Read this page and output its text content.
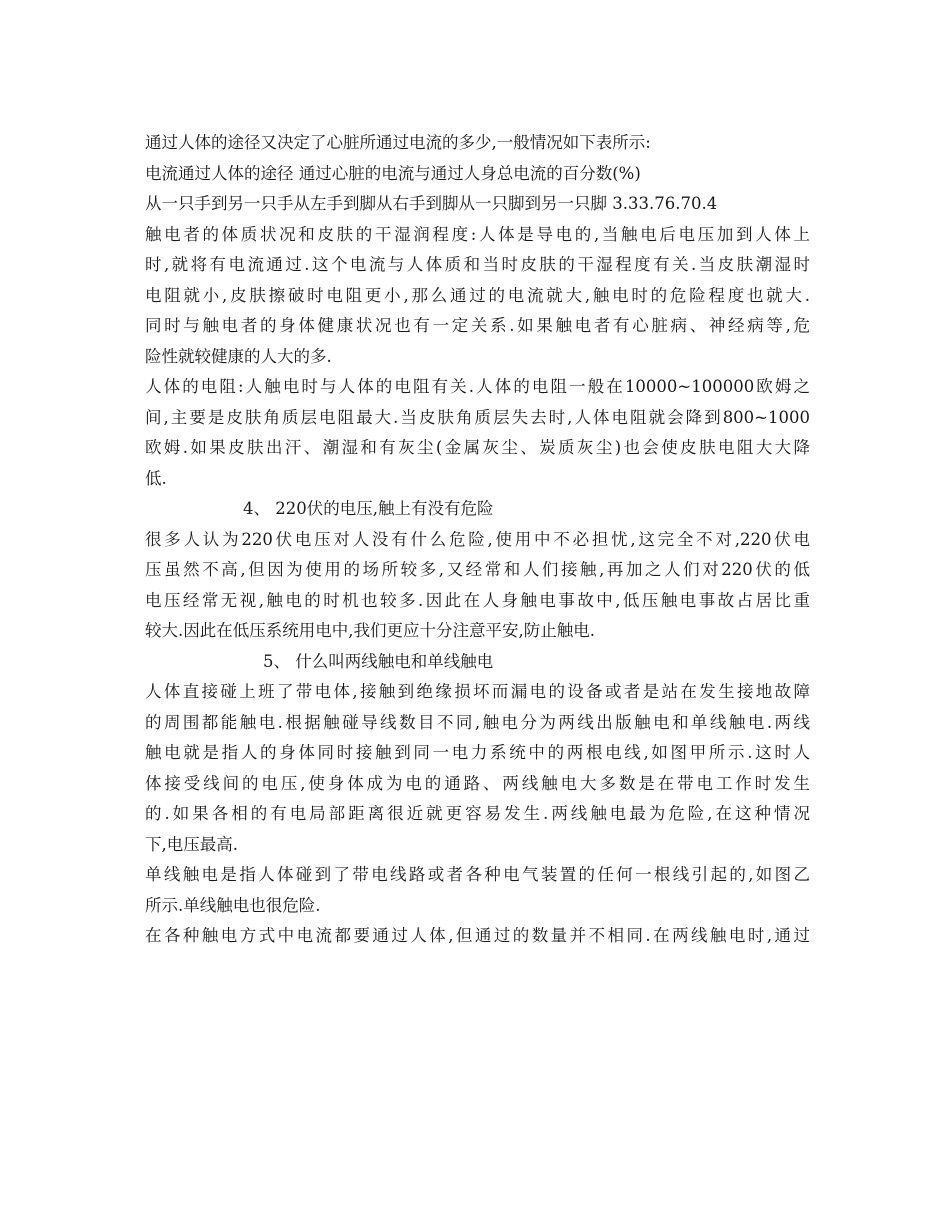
通过人体的途径又决定了心脏所通过电流的多少,一般情况如下表所示:
电流通过人体的途径 通过心脏的电流与通过人身总电流的百分数(%)
从一只手到另一只手从左手到脚从右手到脚从一只脚到另一只脚 3.33.76.70.4
触电者的体质状况和皮肤的干湿润程度:人体是导电的,当触电后电压加到人体上
时,就将有电流通过.这个电流与人体质和当时皮肤的干湿程度有关.当皮肤潮湿时
电阻就小,皮肤擦破时电阻更小,那么通过的电流就大,触电时的危险程度也就大.
同时与触电者的身体健康状况也有一定关系.如果触电者有心脏病、神经病等,危
险性就较健康的人大的多.
人体的电阻:人触电时与人体的电阻有关.人体的电阻一般在10000~100000欧姆之
间,主要是皮肤角质层电阻最大.当皮肤角质层失去时,人体电阻就会降到800~1000
欧姆.如果皮肤出汗、潮湿和有灰尘(金属灰尘、炭质灰尘)也会使皮肤电阻大大降
低.
4、 220伏的电压,触上有没有危险
很多人认为220伏电压对人没有什么危险,使用中不必担忧,这完全不对,220伏电
压虽然不高,但因为使用的场所较多,又经常和人们接触,再加之人们对220伏的低
电压经常无视,触电的时机也较多.因此在人身触电事故中,低压触电事故占居比重
较大.因此在低压系统用电中,我们更应十分注意平安,防止触电.
5、 什么叫两线触电和单线触电
人体直接碰上班了带电体,接触到绝缘损坏而漏电的设备或者是站在发生接地故障
的周围都能触电.根据触碰导线数目不同,触电分为两线出版触电和单线触电.两线
触电就是指人的身体同时接触到同一电力系统中的两根电线,如图甲所示.这时人
体接受线间的电压,使身体成为电的通路、两线触电大多数是在带电工作时发生
的.如果各相的有电局部距离很近就更容易发生.两线触电最为危险,在这种情况
下,电压最高.
单线触电是指人体碰到了带电线路或者各种电气装置的任何一根线引起的,如图乙
所示.单线触电也很危险.
在各种触电方式中电流都要通过人体,但通过的数量并不相同.在两线触电时,通过
